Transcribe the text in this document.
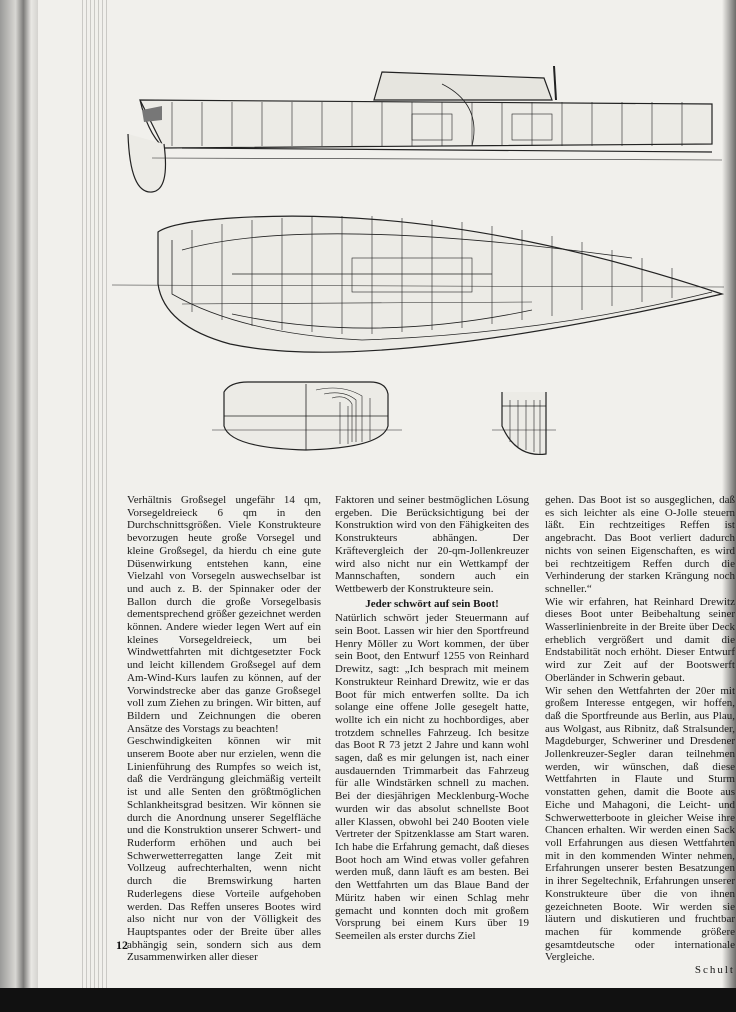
Verhältnis Großsegel ungefähr 14 qm, Vorsegeldreieck 6 qm in den Durchschnittsgrößen. Viele Konstrukteure bevorzugen heute große Vorsegel und kleine Großsegel, da hierdu ch eine gute Düsenwirkung entstehen kann, eine Vielzahl von Vorsegeln auswechselbar ist und auch z. B. der Spinnaker oder der Ballon durch die große Vorsegelbasis dementsprechend größer gezeichnet werden können. Andere wieder legen Wert auf ein kleines Vorsegeldreieck, um bei Windwettfahrten mit dichtgesetzter Fock und leicht killendem Großsegel auf dem Am-Wind-Kurs laufen zu können, auf der Vorwindstrecke aber das ganze Großsegel voll zum Ziehen zu bringen. Wir bitten, auf Bildern und Zeichnungen die oberen Ansätze des Vorstags zu beachten!
Geschwindigkeiten können wir mit unserem Boote aber nur erzielen, wenn die Linienführung des Rumpfes so weich ist, daß die Verdrängung gleichmäßig verteilt ist und alle Senten den größtmöglichen Schlankheitsgrad besitzen. Wir können sie durch die Anordnung unserer Segelfläche und die Konstruktion unserer Schwert- und Ruderform erhöhen und auch bei Schwerwetterregatten lange Zeit mit Vollzeug aufrechterhalten, wenn nicht durch die Bremswirkung harten Ruderlegens diese Vorteile aufgehoben werden. Das Reffen unseres Bootes wird also nicht nur von der Völligkeit des Hauptspantes oder der Breite über alles abhängig sein, sondern sich aus dem Zusammenwirken aller dieser
Faktoren und seiner bestmöglichen Lösung ergeben. Die Berücksichtigung bei der Konstruktion wird von den Fähigkeiten des Konstrukteurs abhängen. Der Kräftevergleich der 20-qm-Jollenkreuzer wird also nicht nur ein Wettkampf der Mannschaften, sondern auch ein Wettbewerb der Konstrukteure sein.
Jeder schwört auf sein Boot!
Natürlich schwört jeder Steuermann auf sein Boot. Lassen wir hier den Sportfreund Henry Möller zu Wort kommen, der über sein Boot, den Entwurf 1255 von Reinhard Drewitz, sagt: „Ich besprach mit meinem Konstrukteur Reinhard Drewitz, wie er das Boot für mich entwerfen sollte. Da ich solange eine offene Jolle gesegelt hatte, wollte ich ein nicht zu hochbordiges, aber trotzdem schnelles Fahrzeug. Ich besitze das Boot R 73 jetzt 2 Jahre und kann wohl sagen, daß es mir gelungen ist, nach einer ausdauernden Trimmarbeit das Fahrzeug für alle Windstärken schnell zu machen. Bei der diesjährigen Mecklenburg-Woche wurden wir das absolut schnellste Boot aller Klassen, obwohl bei 240 Booten viele Vertreter der Spitzenklasse am Start waren. Ich habe die Erfahrung gemacht, daß dieses Boot hoch am Wind etwas voller gefahren werden muß, dann läuft es am besten. Bei den Wettfahrten um das Blaue Band der Müritz haben wir einen Schlag mehr gemacht und konnten doch mit großem Vorsprung bei einem Kurs über 19 Seemeilen als erster durchs Ziel
gehen. Das Boot ist so ausgeglichen, daß es sich leichter als eine O-Jolle steuern läßt. Ein rechtzeitiges Reffen ist angebracht. Das Boot verliert dadurch nichts von seinen Eigenschaften, es wird bei rechtzeitigem Reffen durch die Verhinderung der starken Krängung noch schneller.“
Wie wir erfahren, hat Reinhard Drewitz dieses Boot unter Beibehaltung seiner Wasserlinienbreite in der Breite über Deck erheblich vergrößert und damit die Endstabilität noch erhöht. Dieser Entwurf wird zur Zeit auf der Bootswerft Oberländer in Schwerin gebaut.
Wir sehen den Wettfahrten der 20er mit großem Interesse entgegen, wir hoffen, daß die Sportfreunde aus Berlin, aus Plau, aus Wolgast, aus Ribnitz, daß Stralsunder, Magdeburger, Schweriner und Dresdener Jollenkreuzer-Segler daran teilnehmen werden, wir wünschen, daß diese Wettfahrten in Flaute und Sturm vonstatten gehen, damit die Boote aus Eiche und Mahagoni, die Leicht- und Schwerwetterboote in gleicher Weise ihre Chancen erhalten. Wir werden einen Sack voll Erfahrungen aus diesen Wettfahrten mit in den kommenden Winter nehmen, Erfahrungen unserer besten Besatzungen in ihrer Segeltechnik, Erfahrungen unserer Konstrukteure über die von ihnen gezeichneten Boote. Wir werden sie läutern und diskutieren und fruchtbar machen für kommende größere gesamtdeutsche oder internationale Vergleiche.
Schult
12
